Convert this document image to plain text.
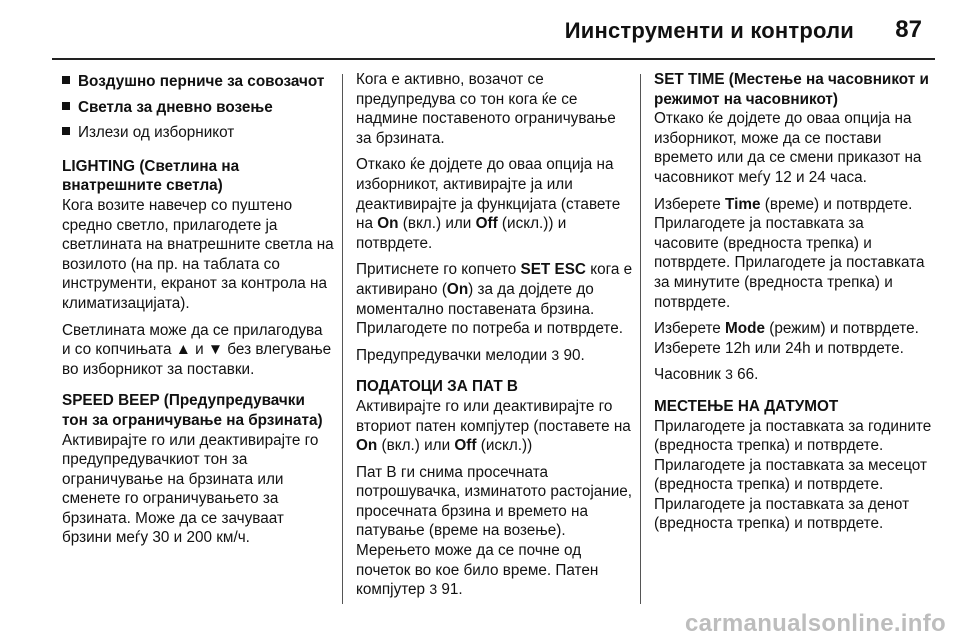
Иинструменти и контроли 87
Воздушно перниче за совозачот
Светла за дневно возење
Излези од изборникот
LIGHTING (Светлина на внатрешните светла)

Кога возите навечер со пуштено средно светло, прилагодете ја светлината на внатрешните светла на возилото (на пр. на таблата со инструменти, екранот за контрола на климатизацијата).

Светлината може да се прилагодува и со копчињата ▲ и ▼ без влегување во изборникот за поставки.

SPEED BEEP (Предупредувачки тон за ограничување на брзината)

Активирајте го или деактивирајте го предупредувачкиот тон за ограничување на брзината или сменете го ограничувањето за брзината. Може да се зачуваат брзини меѓу 30 и 200 км/ч.

Кога е активно, возачот се предупредува со тон кога ќе се надмине поставеното ограничување за брзината.

Откако ќе дојдете до оваа опција на изборникот, активирајте ја или деактивирајте ја функцијата (ставете на On (вкл.) или Off (искл.)) и потврдете.

Притиснете го копчето SET ESC кога е активирано (On) за да дојдете до моменталнo поставената брзина. Прилагодете по потреба и потврдете.

Предупредувачки мелодии 3 90.

ПОДАТОЦИ ЗА ПАТ B

Активирајте го или деактивирајте го вториот патен компјутер (поставете на On (вкл.) или Off (искл.))

Пат B ги снима просечната потрошувачка, изминатото растојание, просечната брзина и времето на патување (време на возење). Мерењето може да се почне од почеток во кое било време. Патен компјутер 3 91.

SET TIME (Местење на часовникот и режимот на часовникот)

Откако ќе дојдете до оваа опција на изборникот, може да се постави времето или да се смени приказот на часовникот меѓу 12 и 24 часа.

Изберете Time (време) и потврдете. Прилагодете ја поставката за часовите (вредноста трепка) и потврдете. Прилагодете ја поставката за минутите (вредноста трепка) и потврдете.

Изберете Mode (режим) и потврдете. Изберете 12h или 24h и потврдете.

Часовник 3 66.

МЕСТЕЊЕ НА ДАТУМОТ

Прилагодете ја поставката за годините (вредноста трепка) и потврдете. Прилагодете ја поставката за месецот (вредноста трепка) и потврдете. Прилагодете ја поставката за денот (вредноста трепка) и потврдете.

carmanualsonline.info
